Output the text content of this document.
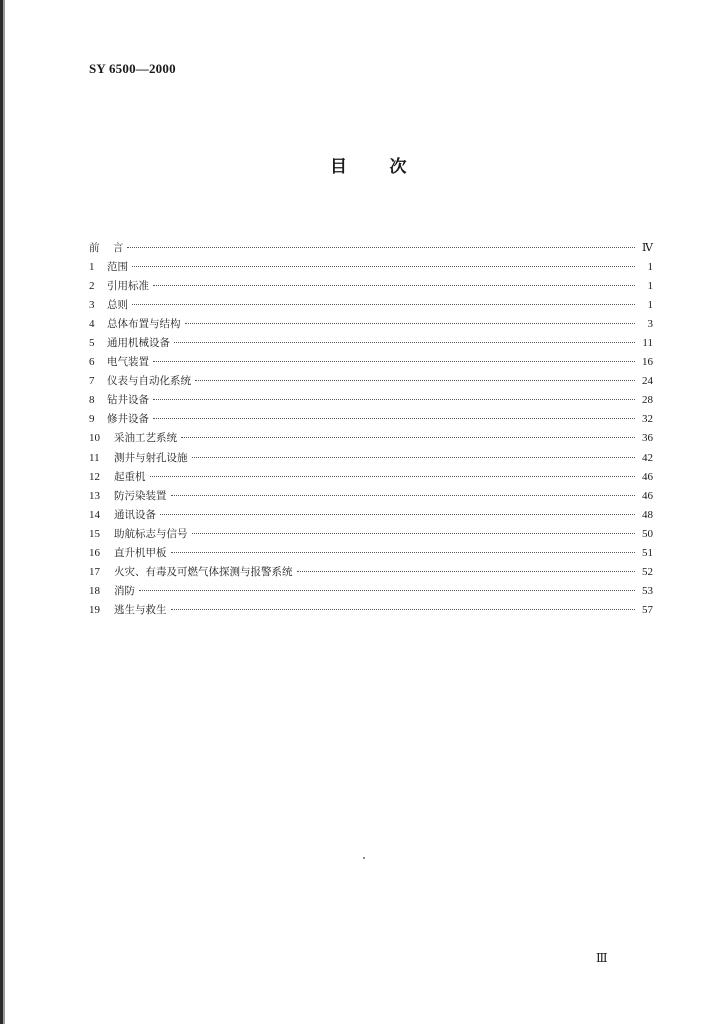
SY 6500—2000
目      次
前    言	Ⅳ
1	范围	1
2	引用标准	1
3	总则	1
4	总体布置与结构	3
5	通用机械设备	11
6	电气装置	16
7	仪表与自动化系统	24
8	钻井设备	28
9	修井设备	32
10	采油工艺系统	36
11	测井与射孔设施	42
12	起重机	46
13	防污染装置	46
14	通讯设备	48
15	助航标志与信号	50
16	直升机甲板	51
17	火灾、有毒及可燃气体探测与报警系统	52
18	消防	53
19	逃生与救生	57
Ⅲ
